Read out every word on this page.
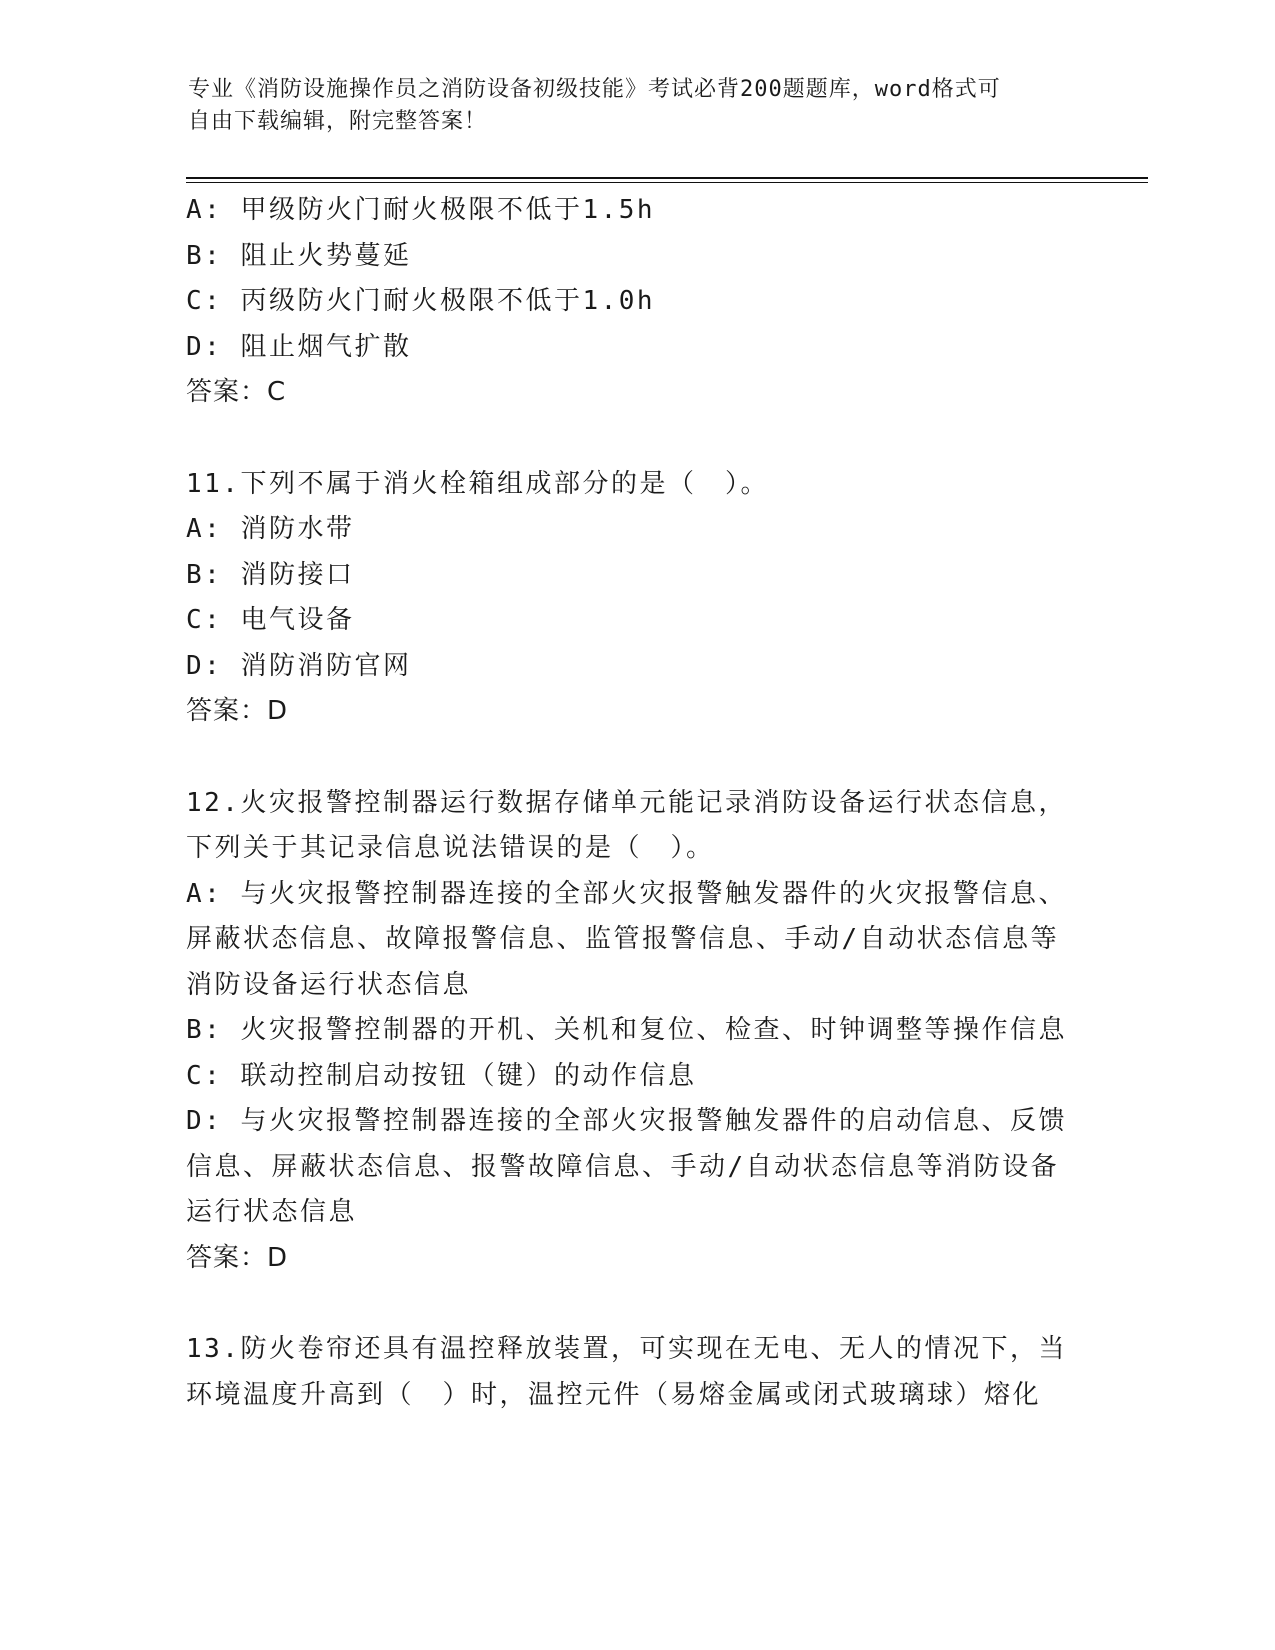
专业《消防设施操作员之消防设备初级技能》考试必背200题题库，word格式可
自由下载编辑，附完整答案！
A: 甲级防火门耐火极限不低于1.5h
B: 阻止火势蔓延
C: 丙级防火门耐火极限不低于1.0h
D: 阻止烟气扩散
答案：C
11.下列不属于消火栓箱组成部分的是（　）。
A: 消防水带
B: 消防接口
C: 电气设备
D: 消防消防官网
答案：D
12.火灾报警控制器运行数据存储单元能记录消防设备运行状态信息，
下列关于其记录信息说法错误的是（　）。
A: 与火灾报警控制器连接的全部火灾报警触发器件的火灾报警信息、
屏蔽状态信息、故障报警信息、监管报警信息、手动/自动状态信息等
消防设备运行状态信息
B: 火灾报警控制器的开机、关机和复位、检查、时钟调整等操作信息
C: 联动控制启动按钮（键）的动作信息
D: 与火灾报警控制器连接的全部火灾报警触发器件的启动信息、反馈
信息、屏蔽状态信息、报警故障信息、手动/自动状态信息等消防设备
运行状态信息
答案：D
13.防火卷帘还具有温控释放装置，可实现在无电、无人的情况下，当
环境温度升高到（　）时，温控元件（易熔金属或闭式玻璃球）熔化
